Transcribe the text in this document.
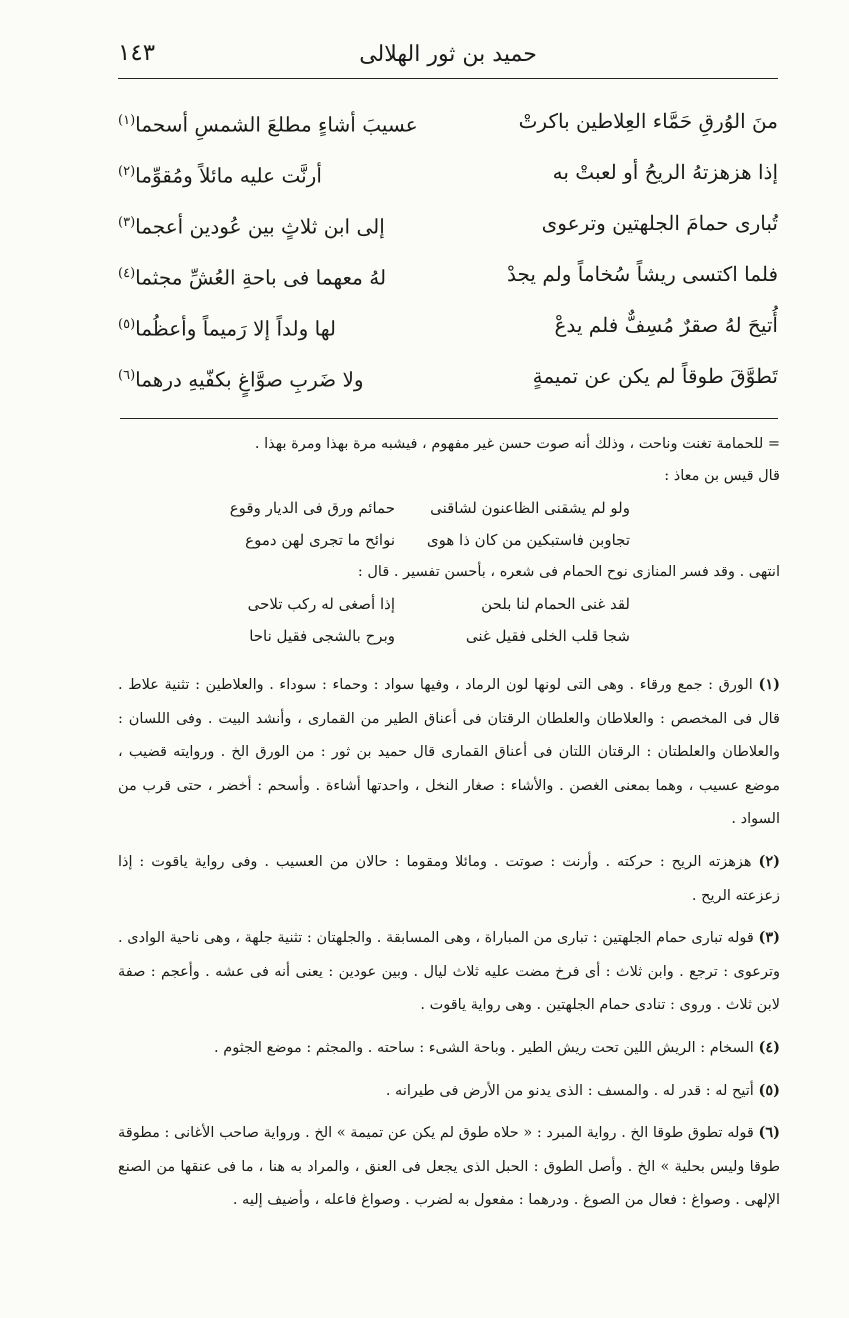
١٤٣	حميد بن ثور الهلالى
منَ الوُرقِ حَمَّاء العِلاطين باكرتْ
عسيبَ أشاءٍ مطلعَ الشمسِ أسحما$^{(١)}$
إذا هزهزتهُ الريحُ أو لعبتْ به
أرنَّت عليه مائلاً ومُقوِّما$^{(٢)}$
تُبارى حمامَ الجلهتين وترعوى
إلى ابن ثلاثٍ بين عُودين أعجما$^{(٣)}$
فلما اكتسى ريشاً سُخاماً ولم يجدْ
لهُ معهما فى باحةِ العُشِّ مجثما$^{(٤)}$
أُتيحَ لهُ صقرٌ مُسِفٌّ فلم يدعْ
لها ولداً إلا رَميماً وأعظُما$^{(٥)}$
تَطوَّقَ طوقاً لم يكن عن تميمةٍ
ولا ضَربِ صوَّاغٍ بكفّيهِ درهما$^{(٦)}$

= للحمامة تغنت وناحت ، وذلك أنه صوت حسن غير مفهوم ، فيشبه مرة بهذا ومرة بهذا .

قال قيس بن معاذ :

ولو لم يشقنى الظاعنون لشاقنى
حمائم ورق فى الديار وقوع
تجاوبن فاستبكين من كان ذا هوى
نوائح ما تجرى لهن دموع

انتهى . وقد فسر المنازى نوح الحمام فى شعره ، بأحسن تفسير . قال :

لقد غنى الحمام لنا بلحن
إذا أصغى له ركب تلاحى
شجا قلب الخلى فقيل غنى
وبرح بالشجى فقيل ناحا

(١) الورق : جمع ورقاء . وهى التى لونها لون الرماد ، وفيها سواد : وحماء : سوداء . والعلاطين : تثنية علاط . قال فى المخصص : والعلاطان والعلطان الرقتان فى أعناق الطير من القمارى ، وأنشد البيت . وفى اللسان : والعلاطان والعلطتان : الرقتان اللتان فى أعناق القمارى قال حميد بن ثور : من الورق الخ . وروايته قضيب ، موضع عسيب ، وهما بمعنى الغصن . والأشاء : صغار النخل ، واحدتها أشاءة . وأسحم : أخضر ، حتى قرب من السواد .

(٢) هزهزته الريح : حركته . وأرنت : صوتت . ومائلا ومقوما : حالان من العسيب . وفى رواية ياقوت : إذا زعزعته الريح .

(٣) قوله تبارى حمام الجلهتين : تبارى من المباراة ، وهى المسابقة . والجلهتان : تثنية جلهة ، وهى ناحية الوادى . وترعوى : ترجع . وابن ثلاث : أى فرخ مضت عليه ثلاث ليال . وبين عودين : يعنى أنه فى عشه . وأعجم : صفة لابن ثلاث . وروى : تنادى حمام الجلهتين . وهى رواية ياقوت .

(٤) السخام : الريش اللين تحت ريش الطير . وباحة الشىء : ساحته . والمجثم : موضع الجثوم .

(٥) أتيح له : قدر له . والمسف : الذى يدنو من الأرض فى طيرانه .

(٦) قوله تطوق طوقا الخ . رواية المبرد : « حلاه طوق لم يكن عن تميمة » الخ . ورواية صاحب الأغانى : مطوقة طوقا وليس بحلية » الخ . وأصل الطوق : الحبل الذى يجعل فى العنق ، والمراد به هنا ، ما فى عنقها من الصنع الإلهى . وصواغ : فعال من الصوغ . ودرهما : مفعول به لضرب . وصواغ فاعله ، وأضيف إليه .
